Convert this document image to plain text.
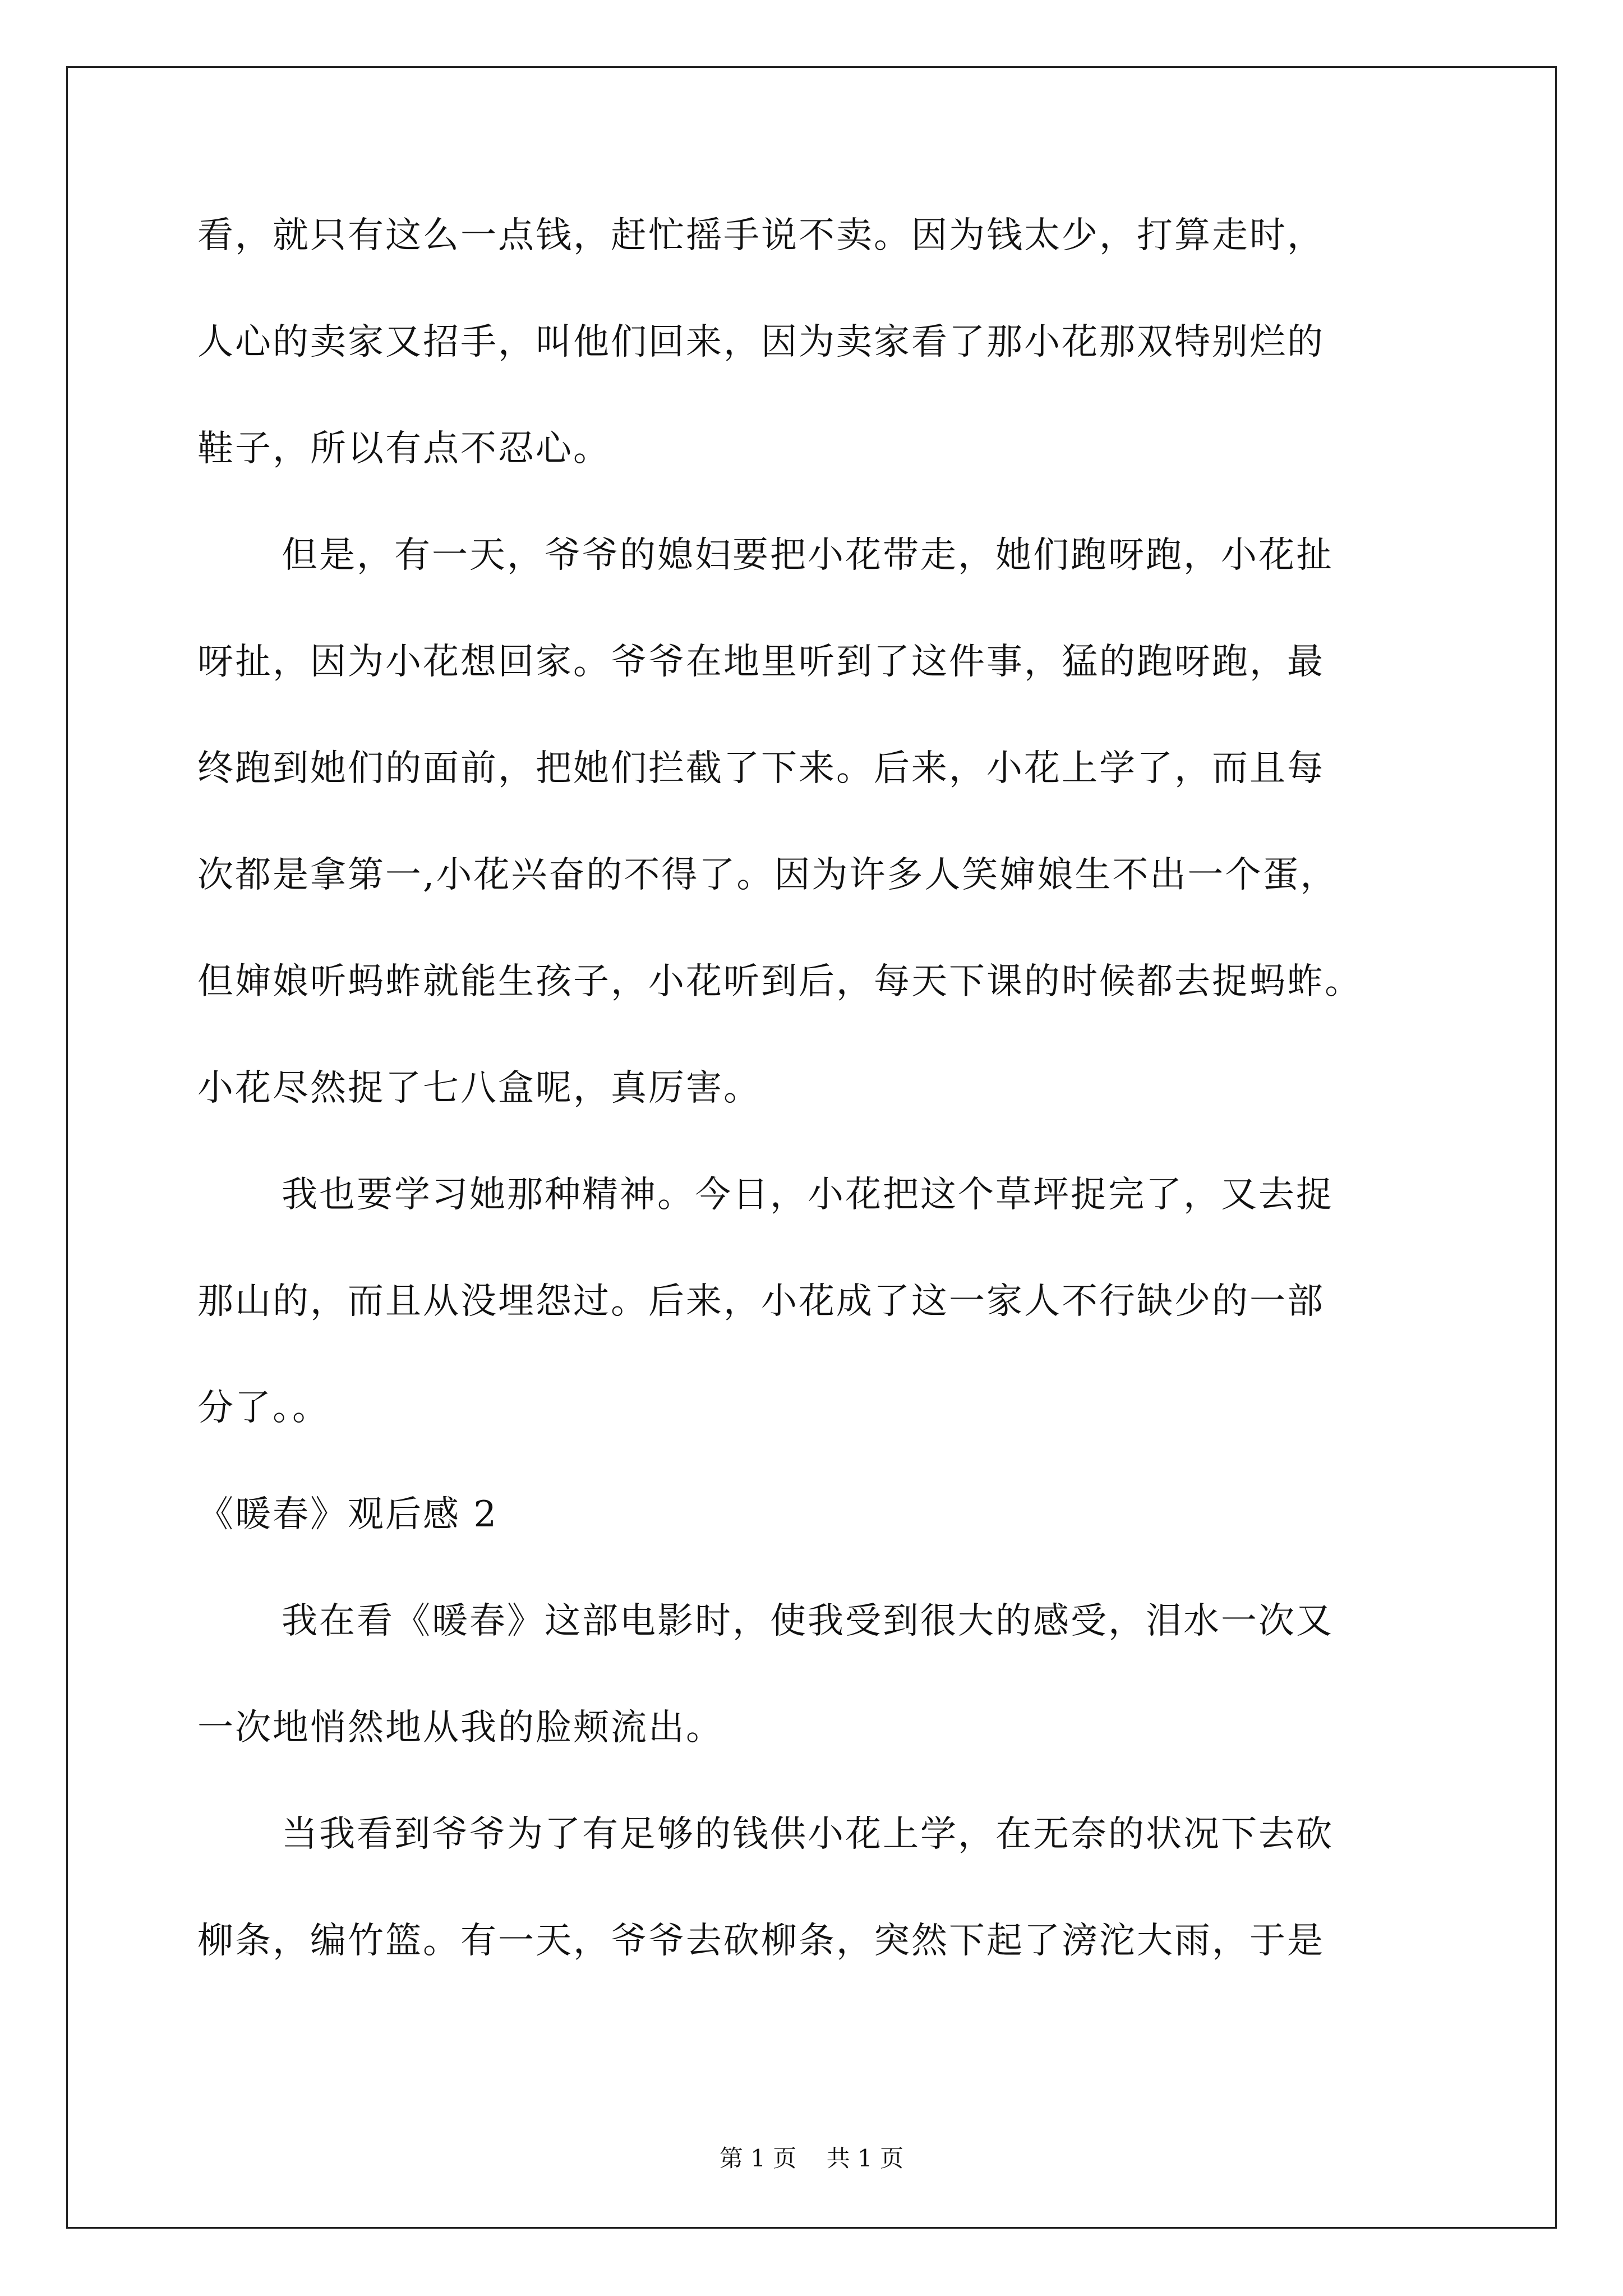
看，就只有这么一点钱，赶忙摇手说不卖。因为钱太少，打算走时，
人心的卖家又招手，叫他们回来，因为卖家看了那小花那双特别烂的
鞋子，所以有点不忍心。
但是，有一天，爷爷的媳妇要把小花带走，她们跑呀跑，小花扯
呀扯，因为小花想回家。爷爷在地里听到了这件事，猛的跑呀跑，最
终跑到她们的面前，把她们拦截了下来。后来，小花上学了，而且每
次都是拿第一,小花兴奋的不得了。因为许多人笑婶娘生不出一个蛋，
但婶娘听蚂蚱就能生孩子，小花听到后，每天下课的时候都去捉蚂蚱。
小花尽然捉了七八盒呢，真厉害。
我也要学习她那种精神。今日，小花把这个草坪捉完了，又去捉
那山的，而且从没埋怨过。后来，小花成了这一家人不行缺少的一部
分了。。
《暖春》观后感 2
我在看《暖春》这部电影时，使我受到很大的感受，泪水一次又
一次地悄然地从我的脸颊流出。
当我看到爷爷为了有足够的钱供小花上学，在无奈的状况下去砍
柳条，编竹篮。有一天，爷爷去砍柳条，突然下起了滂沱大雨，于是
第 1 页    共 1 页
